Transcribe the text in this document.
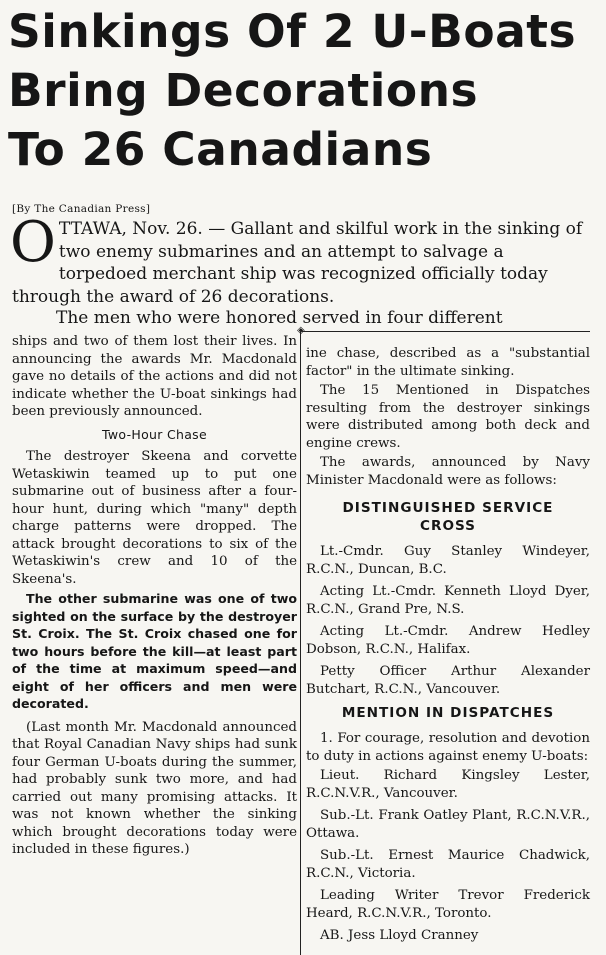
Sinkings Of 2 U-Boats
Bring Decorations
To 26 Canadians
[By The Canadian Press]

OTTAWA, Nov. 26. — Gallant and skilful work in the sinking of two enemy submarines and an attempt to salvage a torpedoed merchant ship was recognized officially today through the award of 26 decorations.

The men who were honored served in four different

◈

ships and two of them lost their lives. In announcing the awards Mr. Macdonald gave no details of the actions and did not indicate whether the U-boat sinkings had been previously announced.

Two-Hour Chase

The destroyer Skeena and corvette Wetaskiwin teamed up to put one submarine out of business after a four-hour hunt, during which "many" depth charge patterns were dropped. The attack brought decorations to six of the Wetaskiwin's crew and 10 of the Skeena's.

The other submarine was one of two sighted on the surface by the destroyer St. Croix. The St. Croix chased one for two hours before the kill—at least part of the time at maximum speed—and eight of her officers and men were decorated.

(Last month Mr. Macdonald announced that Royal Canadian Navy ships had sunk four German U-boats during the summer, had probably sunk two more, and had carried out many promising attacks. It was not known whether the sinking which brought decorations today were included in these figures.)

ine chase, described as a "substantial factor" in the ultimate sinking.

The 15 Mentioned in Dispatches resulting from the destroyer sinkings were distributed among both deck and engine crews.

The awards, announced by Navy Minister Macdonald were as follows:

DISTINGUISHED SERVICE
CROSS

Lt.-Cmdr. Guy Stanley Windeyer, R.C.N., Duncan, B.C.

Acting Lt.-Cmdr. Kenneth Lloyd Dyer, R.C.N., Grand Pre, N.S.

Acting Lt.-Cmdr. Andrew Hedley Dobson, R.C.N., Halifax.

Petty Officer Arthur Alexander Butchart, R.C.N., Vancouver.

MENTION IN DISPATCHES

1. For courage, resolution and devotion to duty in actions against enemy U-boats:

Lieut. Richard Kingsley Lester, R.C.N.V.R., Vancouver.

Sub.-Lt. Frank Oatley Plant, R.C.N.V.R., Ottawa.

Sub.-Lt. Ernest Maurice Chadwick, R.C.N., Victoria.

Leading Writer Trevor Frederick Heard, R.C.N.V.R., Toronto.

AB. Jess Lloyd Cranney
